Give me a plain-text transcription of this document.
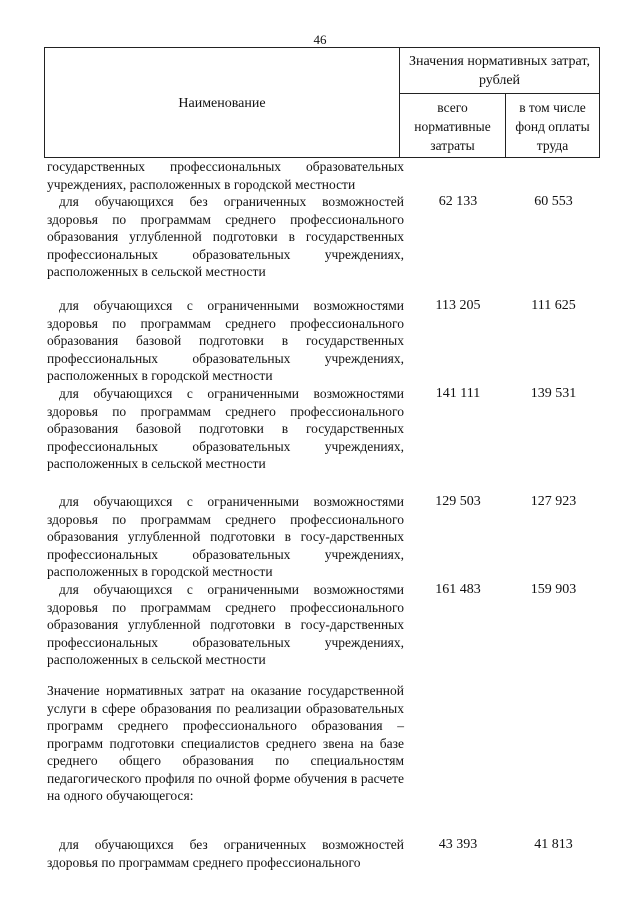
46
Наименование
Значения нормативных затрат, рублей
всего нормативные затраты
в том числе фонд оплаты труда
государственных профессиональных образовательных учреждениях, расположенных в городской местности
для обучающихся без ограниченных возможностей здоровья по программам среднего профессионального образования углубленной подготовки в государственных профессиональных образовательных учреждениях, расположенных в сельской местности
62 133	60 553
для обучающихся с ограниченными возможностями здоровья по программам среднего профессионального образования базовой подготовки в государственных профессиональных образовательных учреждениях, расположенных в городской местности
113 205	111 625
для обучающихся с ограниченными возможностями здоровья по программам среднего профессионального образования базовой подготовки в государственных профессиональных образовательных учреждениях, расположенных в сельской местности
141 111	139 531
для обучающихся с ограниченными возможностями здоровья по программам среднего профессионального образования углубленной подготовки в госу-дарственных профессиональных образовательных учреждениях, расположенных в городской местности
129 503	127 923
для обучающихся с ограниченными возможностями здоровья по программам среднего профессионального образования углубленной подготовки в госу-дарственных профессиональных образовательных учреждениях, расположенных в сельской местности
161 483	159 903
Значение нормативных затрат на оказание государственной услуги в сфере образования по реализации образовательных программ среднего профессионального образования – программ подготовки специалистов среднего звена на базе среднего общего образования по специальностям педагогического профиля по очной форме обучения в расчете на одного обучающегося:
для обучающихся без ограниченных возможностей здоровья по программам среднего профессионального
43 393	41 813
